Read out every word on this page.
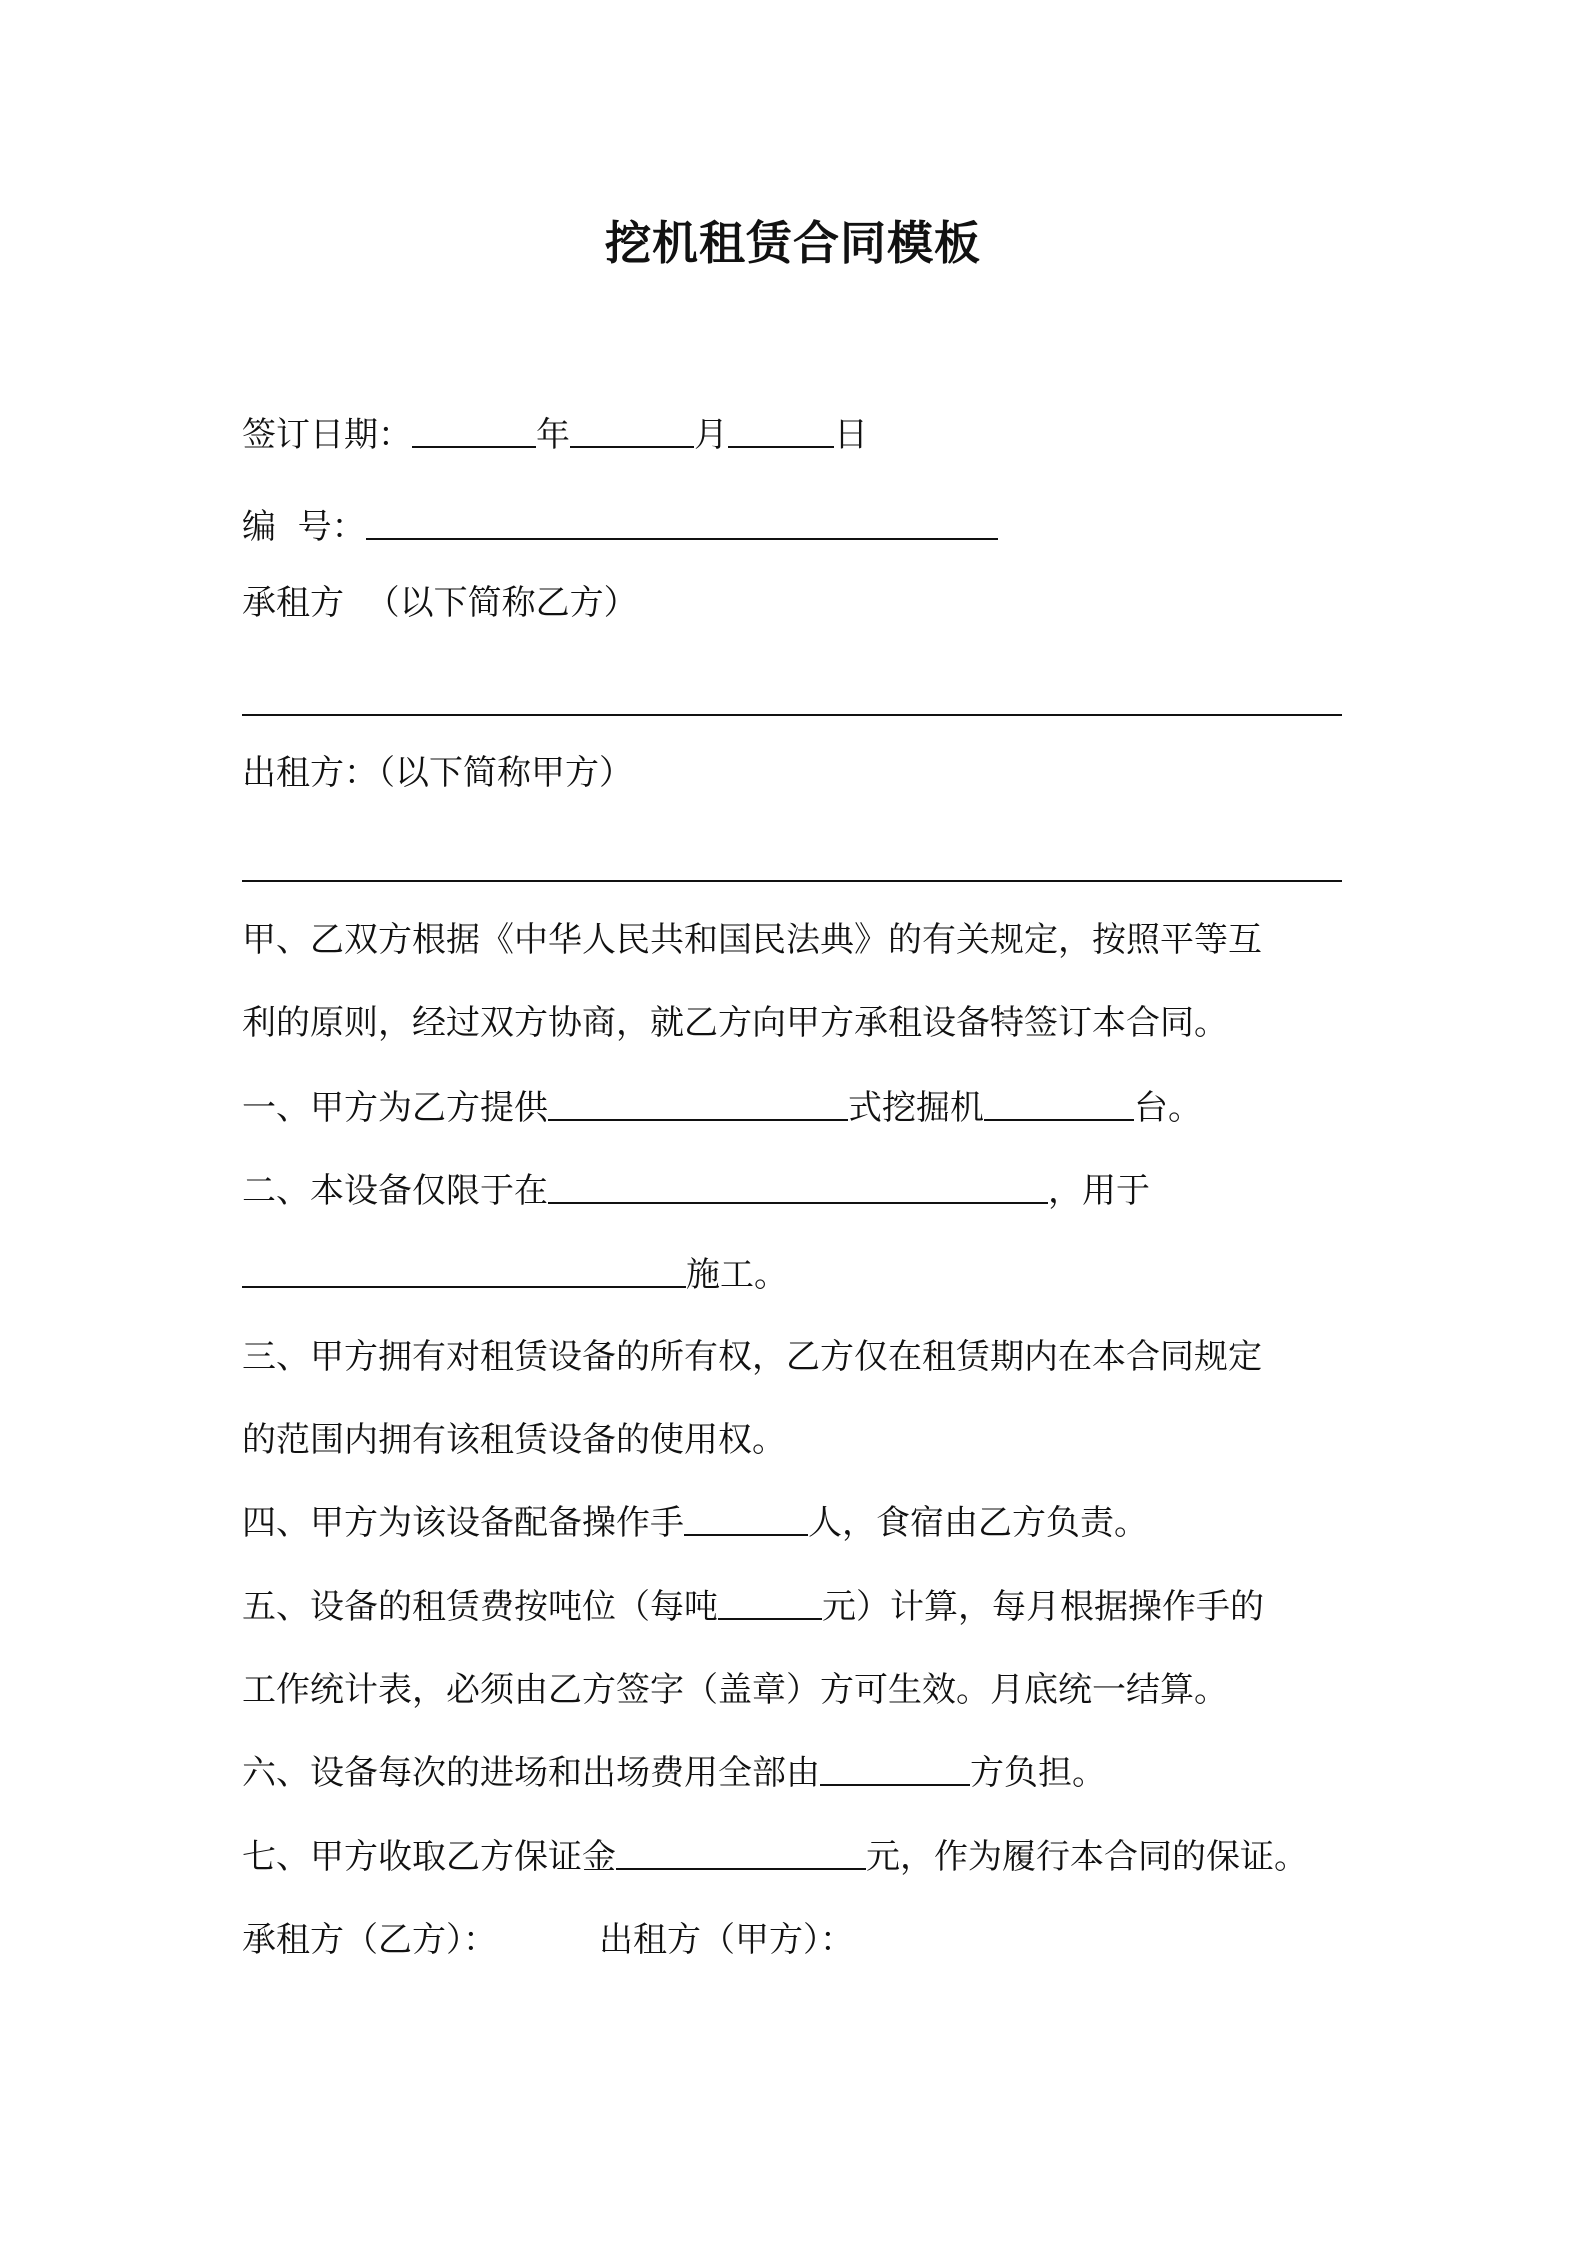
挖机租赁合同模板
签订日期：	年	月	日
编  号：
承租方  （以下简称乙方）
出租方：（以下简称甲方）
甲、乙双方根据《中华人民共和国民法典》的有关规定，按照平等互
利的原则，经过双方协商，就乙方向甲方承租设备特签订本合同。
一、甲方为乙方提供	式挖掘机	台。
二、本设备仅限于在	，用于
施工。
三、甲方拥有对租赁设备的所有权，乙方仅在租赁期内在本合同规定
的范围内拥有该租赁设备的使用权。
四、甲方为该设备配备操作手	人，食宿由乙方负责。
五、设备的租赁费按吨位（每吨	元）计算，每月根据操作手的
工作统计表，必须由乙方签字（盖章）方可生效。月底统一结算。
六、设备每次的进场和出场费用全部由	方负担。
七、甲方收取乙方保证金	元，作为履行本合同的保证。
承租方（乙方）：	出租方（甲方）：
